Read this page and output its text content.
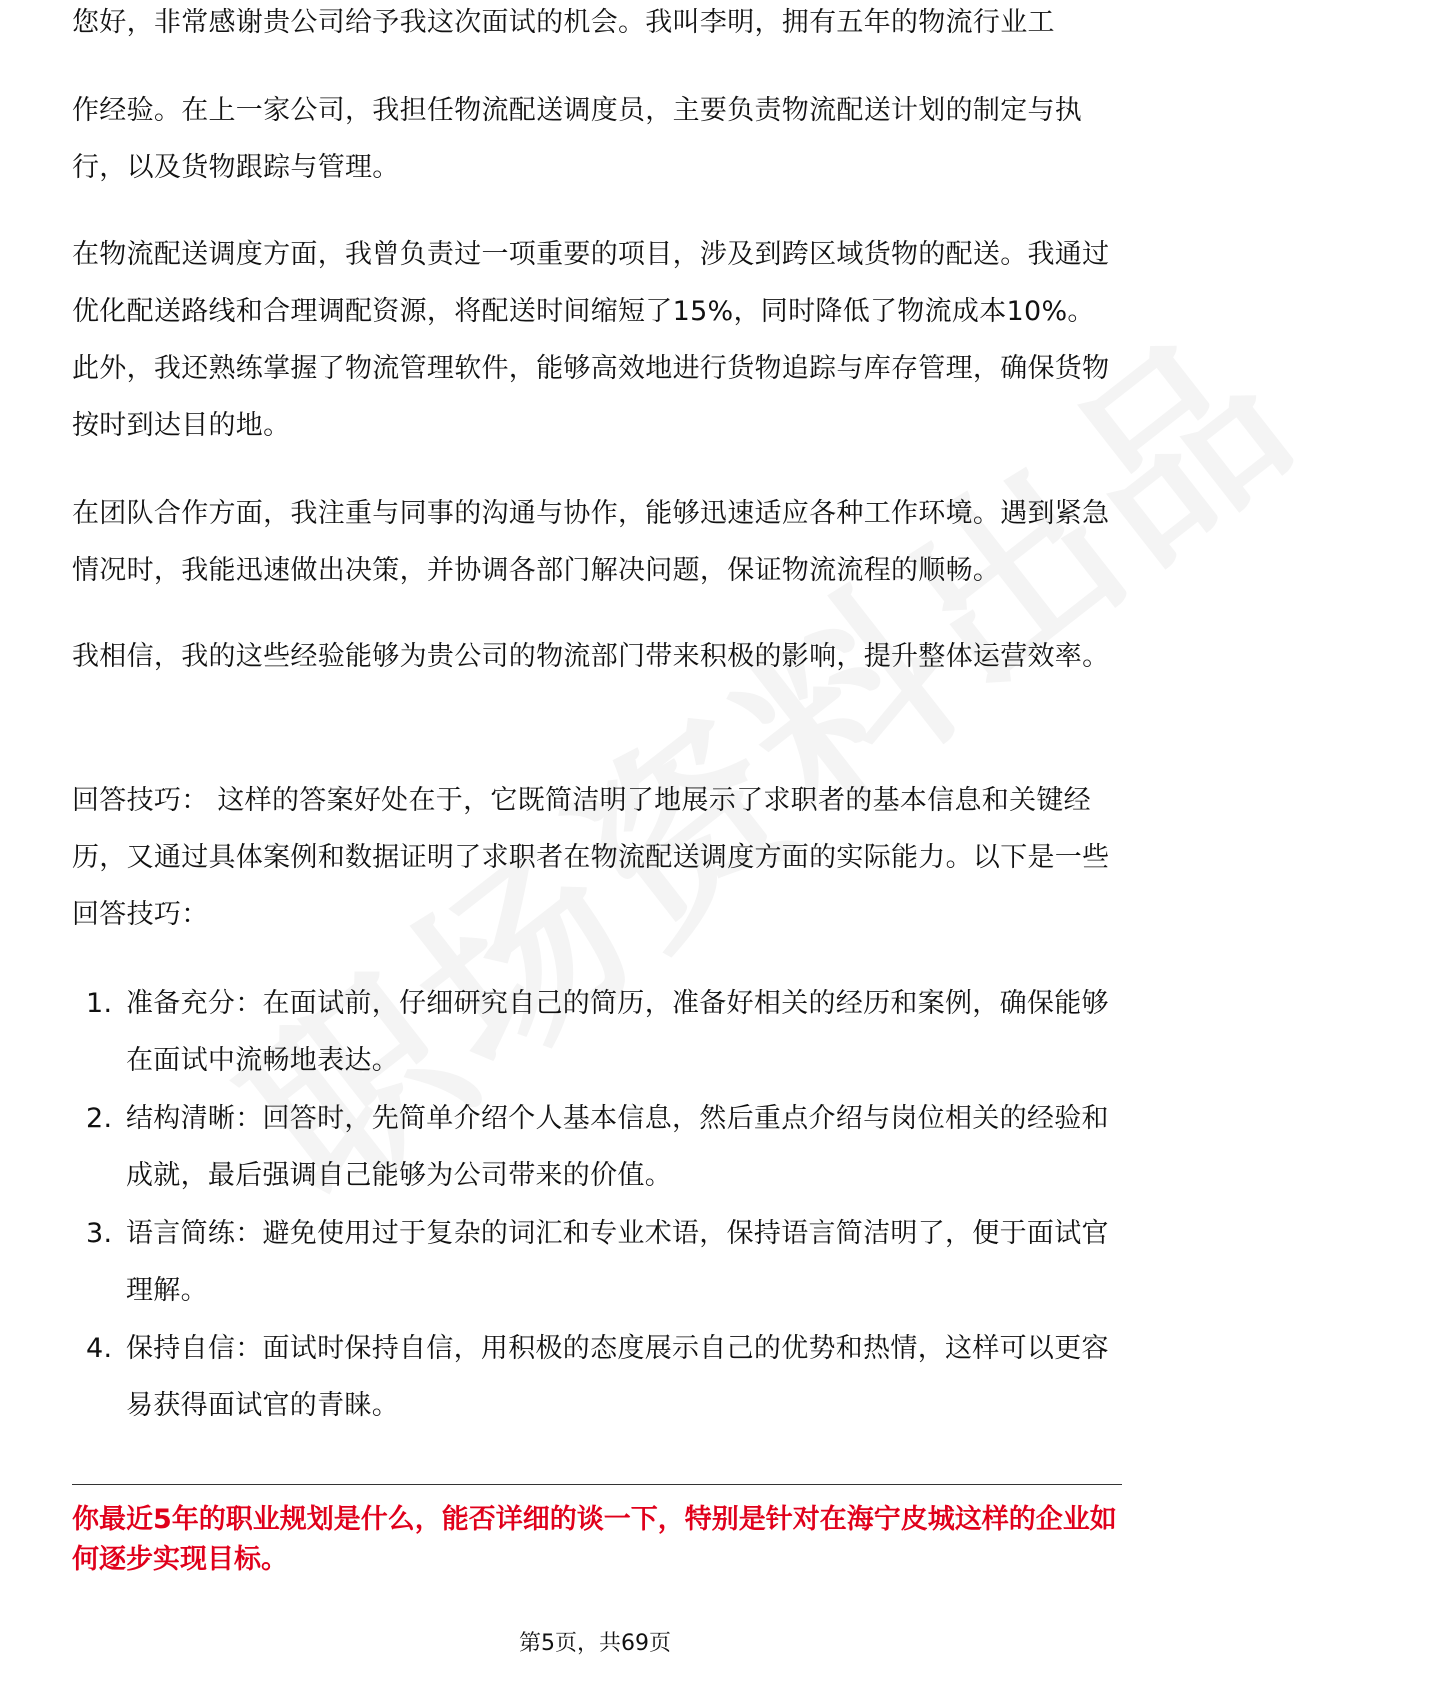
您好，非常感谢贵公司给予我这次面试的机会。我叫李明，拥有五年的物流行业工

作经验。在上一家公司，我担任物流配送调度员，主要负责物流配送计划的制定与执行，以及货物跟踪与管理。

在物流配送调度方面，我曾负责过一项重要的项目，涉及到跨区域货物的配送。我通过优化配送路线和合理调配资源，将配送时间缩短了15%，同时降低了物流成本10%。此外，我还熟练掌握了物流管理软件，能够高效地进行货物追踪与库存管理，确保货物按时到达目的地。

在团队合作方面，我注重与同事的沟通与协作，能够迅速适应各种工作环境。遇到紧急情况时，我能迅速做出决策，并协调各部门解决问题，保证物流流程的顺畅。

我相信，我的这些经验能够为贵公司的物流部门带来积极的影响，提升整体运营效率。

回答技巧： 这样的答案好处在于，它既简洁明了地展示了求职者的基本信息和关键经历，又通过具体案例和数据证明了求职者在物流配送调度方面的实际能力。以下是一些回答技巧：

1. 准备充分：在面试前，仔细研究自己的简历，准备好相关的经历和案例，确保能够在面试中流畅地表达。
2. 结构清晰：回答时，先简单介绍个人基本信息，然后重点介绍与岗位相关的经验和成就，最后强调自己能够为公司带来的价值。
3. 语言简练：避免使用过于复杂的词汇和专业术语，保持语言简洁明了，便于面试官理解。
4. 保持自信：面试时保持自信，用积极的态度展示自己的优势和热情，这样可以更容易获得面试官的青睐。

你最近5年的职业规划是什么，能否详细的谈一下，特别是针对在海宁皮城这样的企业如何逐步实现目标。

第5页，共69页
